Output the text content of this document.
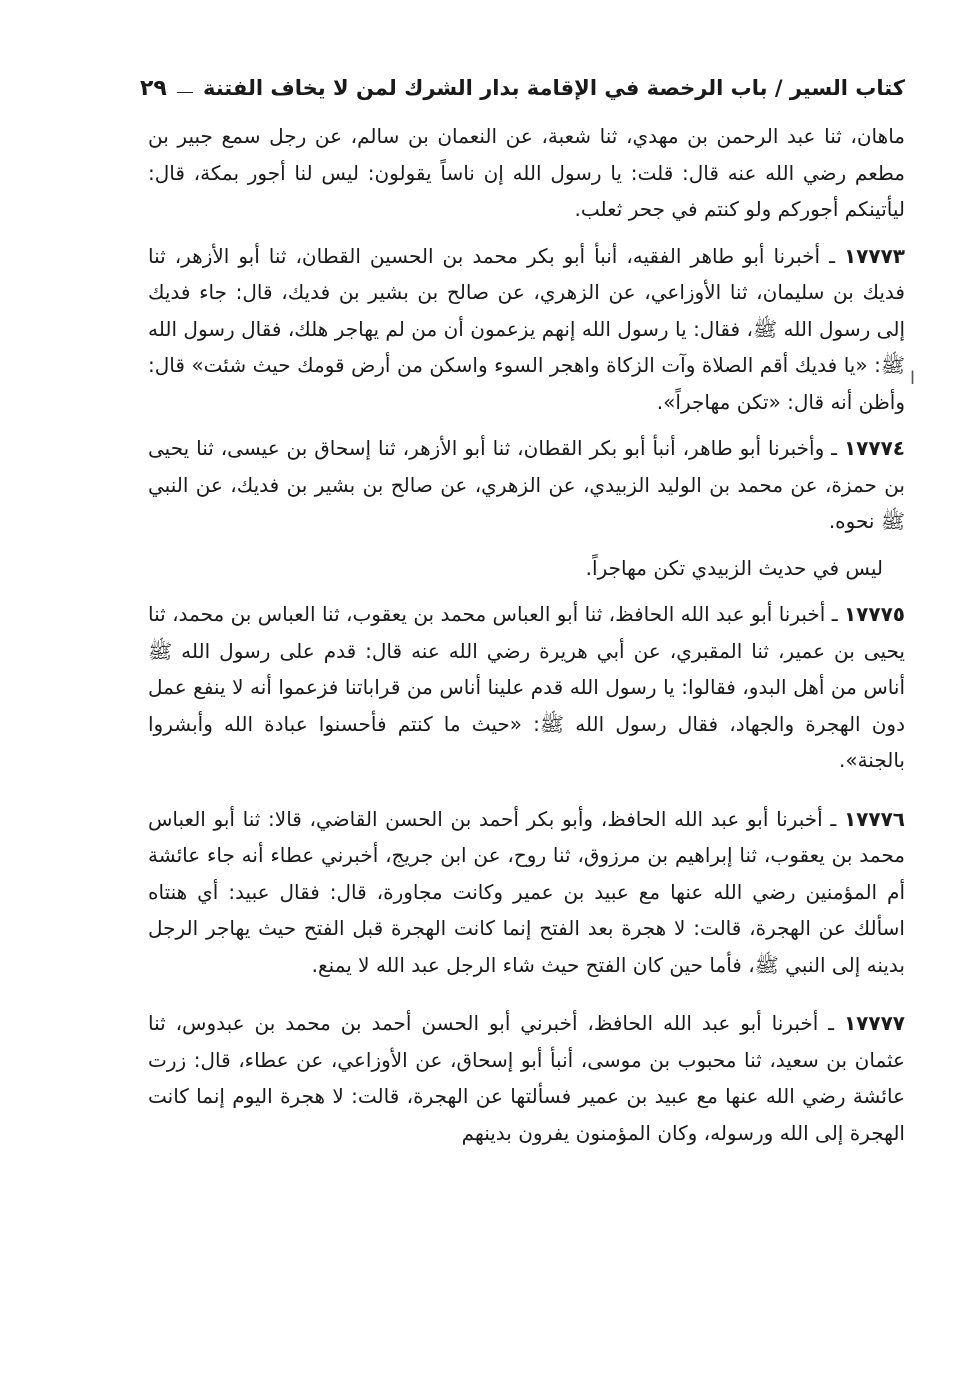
كتاب السير / باب الرخصة في الإقامة بدار الشرك لمن لا يخاف الفتنة
٢٩

ماهان، ثنا عبد الرحمن بن مهدي، ثنا شعبة، عن النعمان بن سالم، عن رجل سمع جبير بن مطعم رضي الله عنه قال: قلت: يا رسول الله إن ناساً يقولون: ليس لنا أجور بمكة، قال: ليأتينكم أجوركم ولو كنتم في جحر ثعلب.

١٧٧٧٣ ـ أخبرنا أبو طاهر الفقيه، أنبأ أبو بكر محمد بن الحسين القطان، ثنا أبو الأزهر، ثنا فديك بن سليمان، ثنا الأوزاعي، عن الزهري، عن صالح بن بشير بن فديك، قال: جاء فديك إلى رسول الله ﷺ، فقال: يا رسول الله إنهم يزعمون أن من لم يهاجر هلك، فقال رسول الله ﷺ: «يا فديك أقم الصلاة وآت الزكاة واهجر السوء واسكن من أرض قومك حيث شئت» قال: وأظن أنه قال: «تكن مهاجراً».

١٧٧٧٤ ـ وأخبرنا أبو طاهر، أنبأ أبو بكر القطان، ثنا أبو الأزهر، ثنا إسحاق بن عيسى، ثنا يحيى بن حمزة، عن محمد بن الوليد الزبيدي، عن الزهري، عن صالح بن بشير بن فديك، عن النبي ﷺ نحوه.

ليس في حديث الزبيدي تكن مهاجراً.

١٧٧٧٥ ـ أخبرنا أبو عبد الله الحافظ، ثنا أبو العباس محمد بن يعقوب، ثنا العباس بن محمد، ثنا يحيى بن عمير، ثنا المقبري، عن أبي هريرة رضي الله عنه قال: قدم على رسول الله ﷺ أناس من أهل البدو، فقالوا: يا رسول الله قدم علينا أناس من قراباتنا فزعموا أنه لا ينفع عمل دون الهجرة والجهاد، فقال رسول الله ﷺ: «حيث ما كنتم فأحسنوا عبادة الله وأبشروا بالجنة».

١٧٧٧٦ ـ أخبرنا أبو عبد الله الحافظ، وأبو بكر أحمد بن الحسن القاضي، قالا: ثنا أبو العباس محمد بن يعقوب، ثنا إبراهيم بن مرزوق، ثنا روح، عن ابن جريج، أخبرني عطاء أنه جاء عائشة أم المؤمنين رضي الله عنها مع عبيد بن عمير وكانت مجاورة، قال: فقال عبيد: أي هنتاه اسألك عن الهجرة، قالت: لا هجرة بعد الفتح إنما كانت الهجرة قبل الفتح حيث يهاجر الرجل بدينه إلى النبي ﷺ، فأما حين كان الفتح حيث شاء الرجل عبد الله لا يمنع.

١٧٧٧٧ ـ أخبرنا أبو عبد الله الحافظ، أخبرني أبو الحسن أحمد بن محمد بن عبدوس، ثنا عثمان بن سعيد، ثنا محبوب بن موسى، أنبأ أبو إسحاق، عن الأوزاعي، عن عطاء، قال: زرت عائشة رضي الله عنها مع عبيد بن عمير فسألتها عن الهجرة، قالت: لا هجرة اليوم إنما كانت الهجرة إلى الله ورسوله، وكان المؤمنون يفرون بدينهم

ا
